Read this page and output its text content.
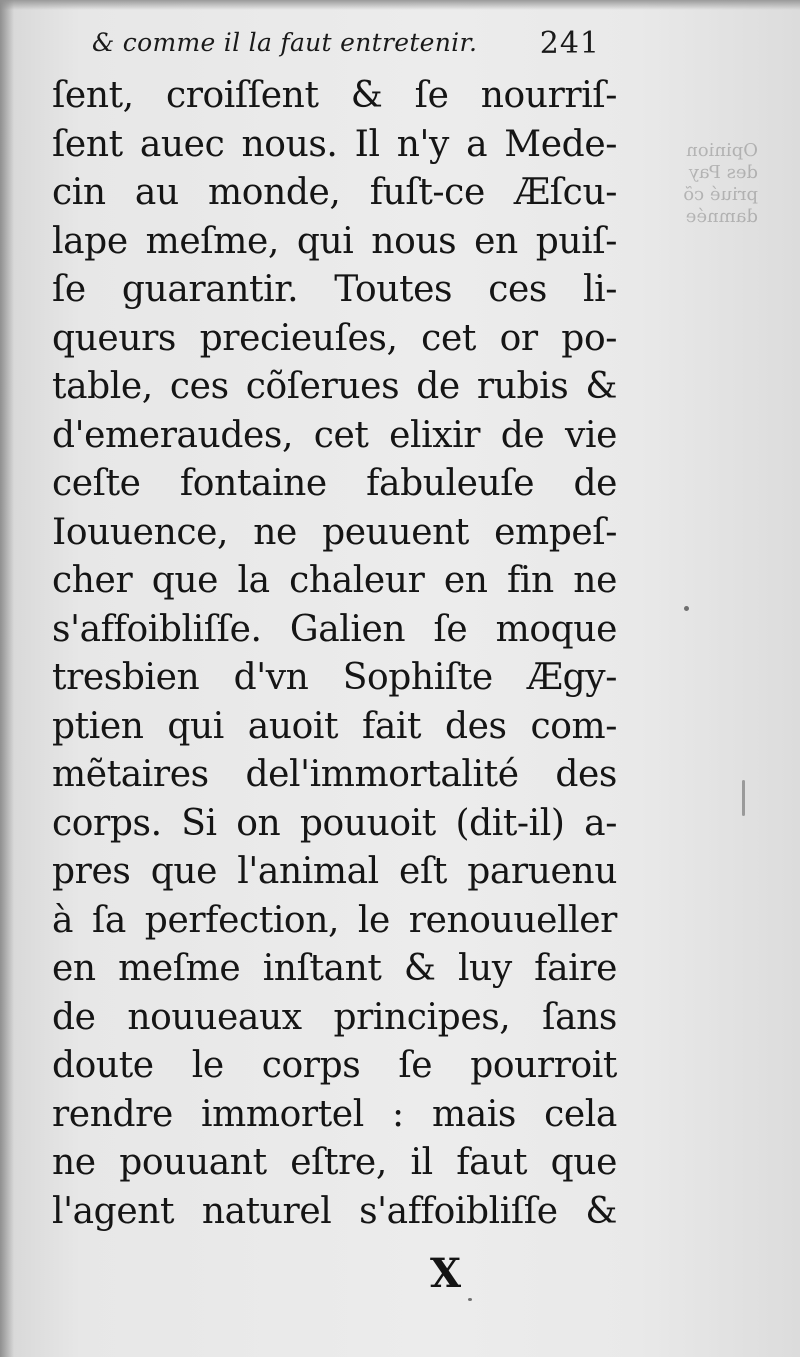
& comme il la faut entretenir. 241
Opinion
des Pay
priué cõ
damnée
ſent, croiſſent & ſe nourriſ-
ſent auec nous. Il n'y a Mede-
cin au monde, fuſt-ce Æſcu-
lape meſme, qui nous en puiſ-
ſe guarantir. Toutes ces li-
queurs precieuſes, cet or po-
table, ces cõſerues de rubis &
d'emeraudes, cet elixir de vie
ceſte fontaine fabuleuſe de
Iouuence, ne peuuent empeſ-
cher que la chaleur en fin ne
s'affoibliſſe. Galien ſe moque
tresbien d'vn Sophiſte Ægy-
ptien qui auoit fait des com-
mẽtaires del'immortalité des
corps. Si on pouuoit (dit-il) a-
pres que l'animal eſt paruenu
à ſa perfection, le renouueller
en meſme inſtant & luy faire
de nouueaux principes, ſans
doute le corps ſe pourroit
rendre immortel : mais cela
ne pouuant eſtre, il faut que
l'agent naturel s'affoibliſſe &
X
